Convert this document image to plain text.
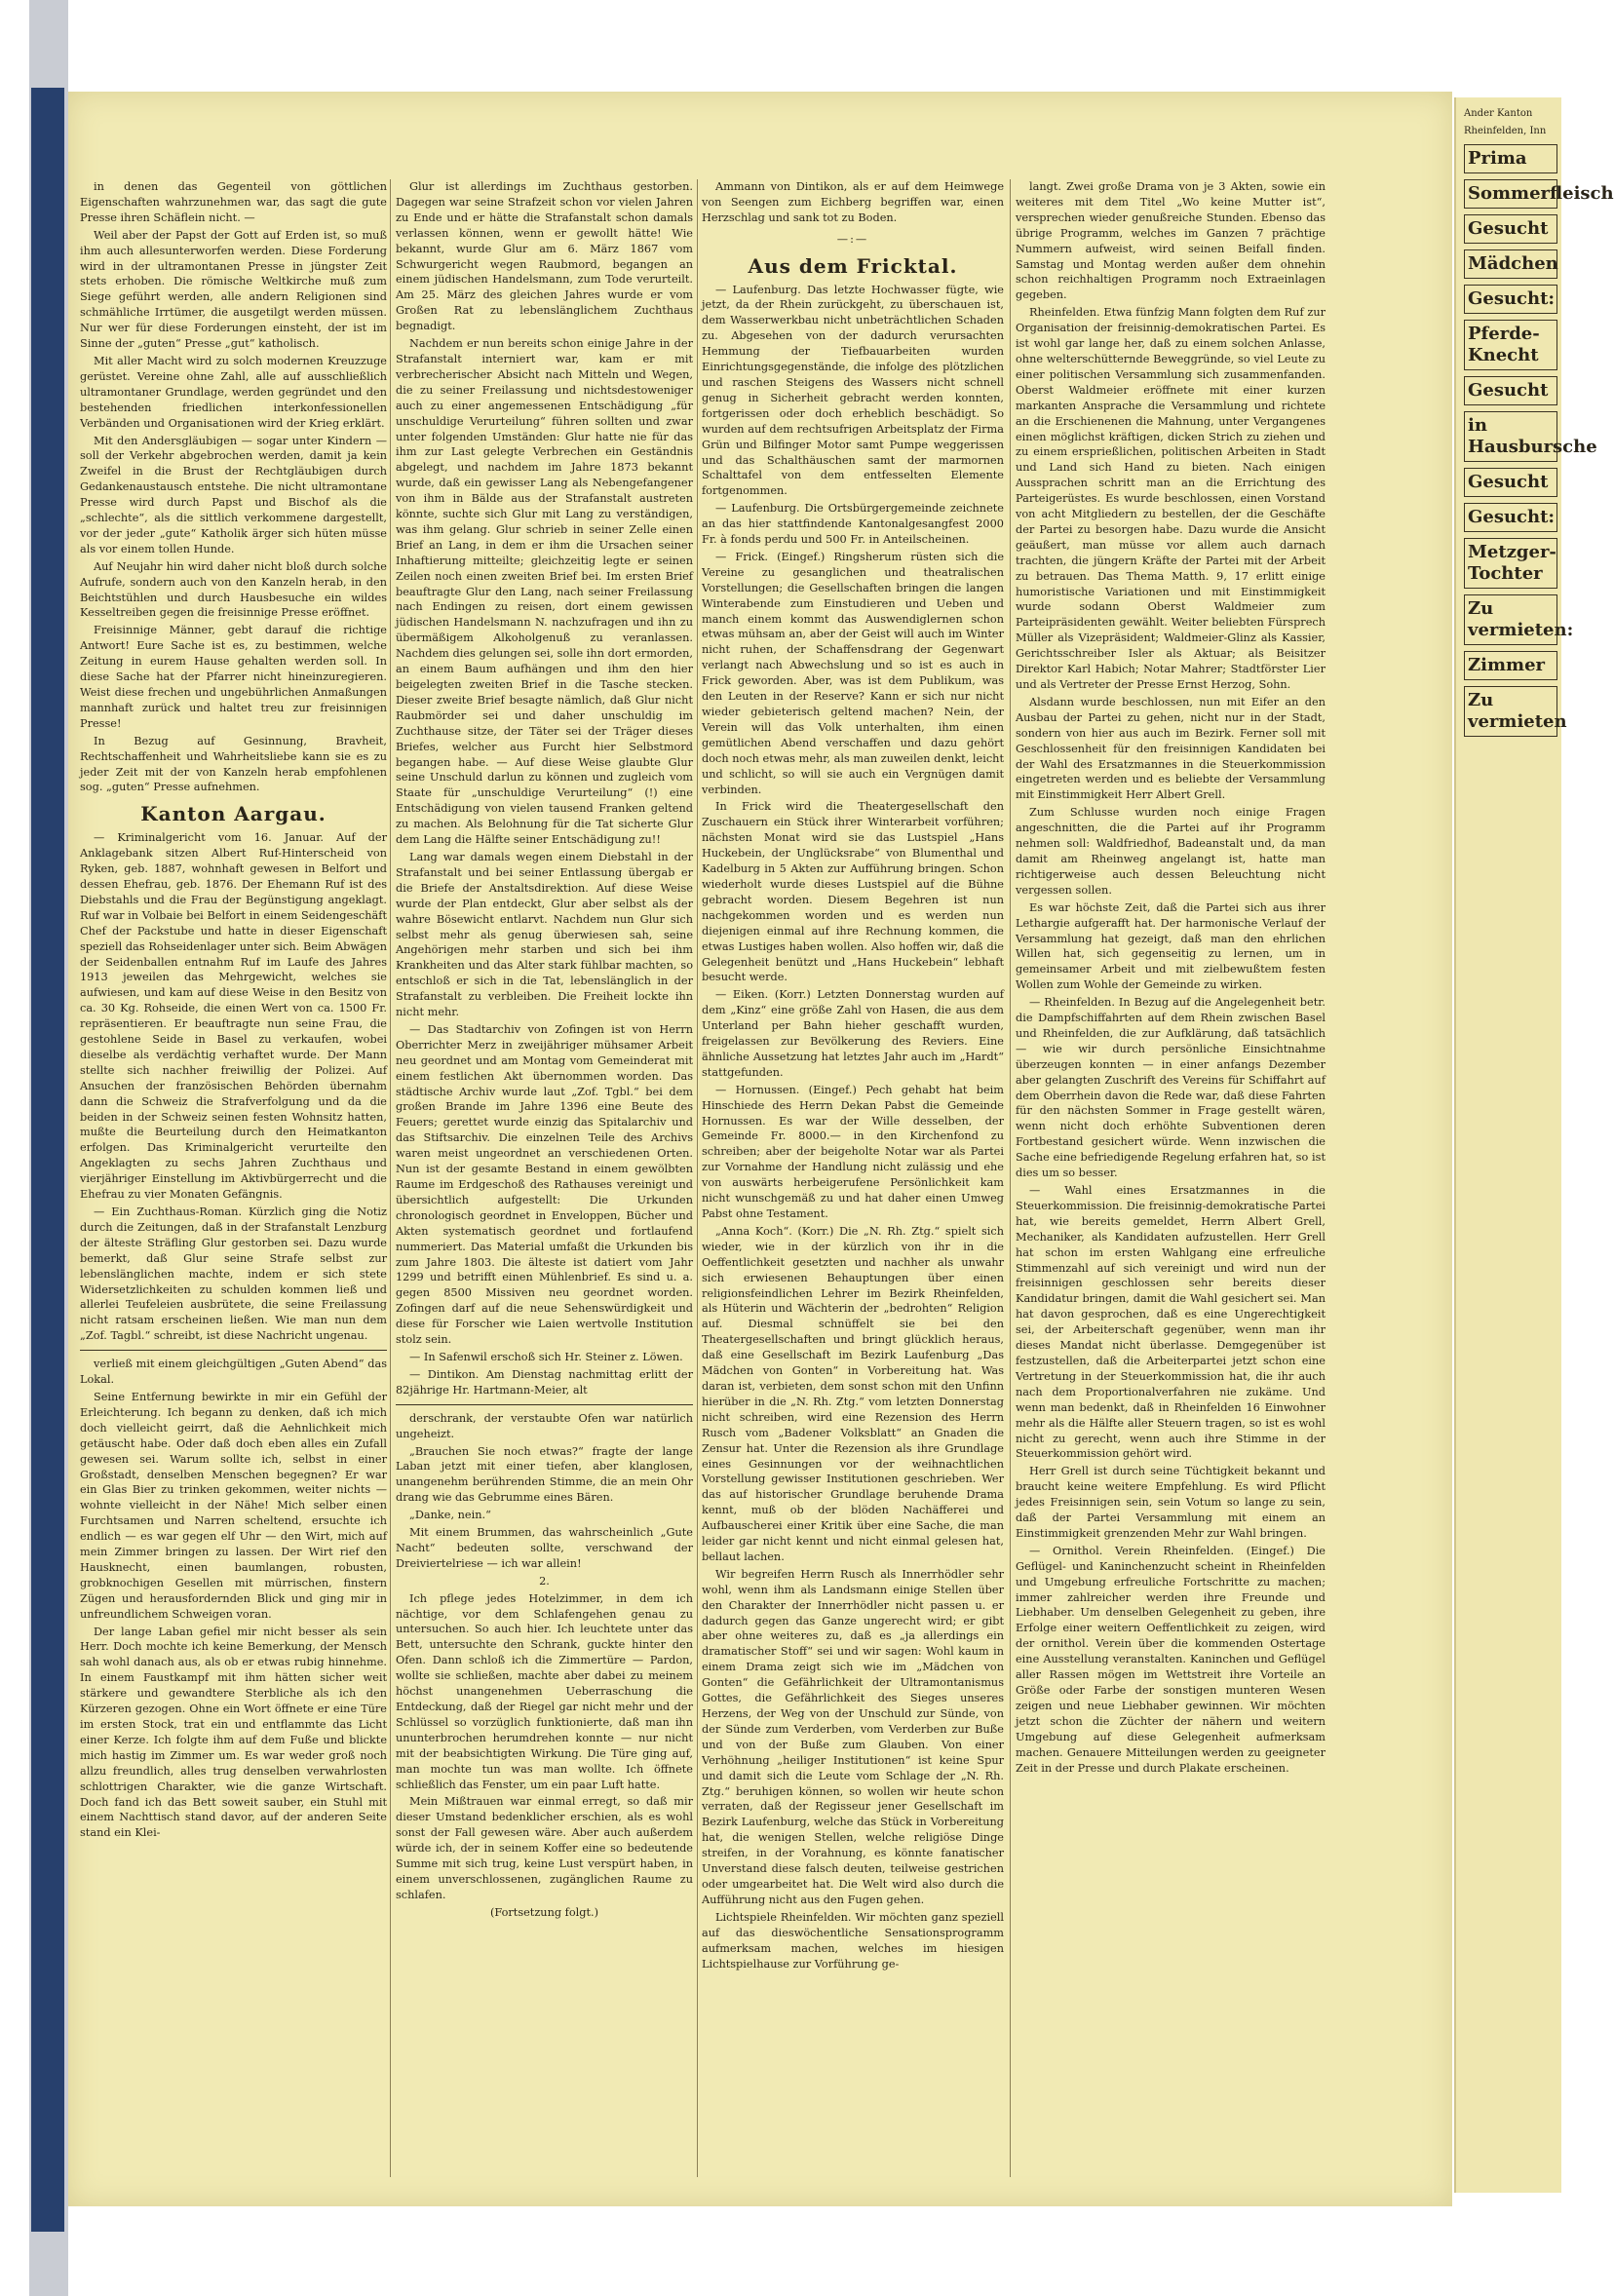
in denen das Gegenteil von göttlichen Eigenschaften wahrzunehmen war, das sagt die gute Presse ihren Schäflein nicht. —

Weil aber der Papst der Gott auf Erden ist, so muß ihm auch allesunterworfen werden. Diese Forderung wird in der ultramontanen Presse in jüngster Zeit stets erhoben. Die römische Weltkirche muß zum Siege geführt werden, alle andern Religionen sind schmähliche Irrtümer, die ausgetilgt werden müssen. Nur wer für diese Forderungen einsteht, der ist im Sinne der „guten“ Presse „gut“ katholisch.

Mit aller Macht wird zu solch modernen Kreuzzuge gerüstet. Vereine ohne Zahl, alle auf ausschließlich ultramontaner Grundlage, werden gegründet und den bestehenden friedlichen interkonfessionellen Verbänden und Organisationen wird der Krieg erklärt.

Mit den Andersgläubigen — sogar unter Kindern — soll der Verkehr abgebrochen werden, damit ja kein Zweifel in die Brust der Rechtgläubigen durch Gedankenaustausch entstehe. Die nicht ultramontane Presse wird durch Papst und Bischof als die „schlechte“, als die sittlich verkommene dargestellt, vor der jeder „gute“ Katholik ärger sich hüten müsse als vor einem tollen Hunde.

Auf Neujahr hin wird daher nicht bloß durch solche Aufrufe, sondern auch von den Kanzeln herab, in den Beichtstühlen und durch Hausbesuche ein wildes Kesseltreiben gegen die freisinnige Presse eröffnet.

Freisinnige Männer, gebt darauf die richtige Antwort! Eure Sache ist es, zu bestimmen, welche Zeitung in eurem Hause gehalten werden soll. In diese Sache hat der Pfarrer nicht hineinzuregieren. Weist diese frechen und ungebührlichen Anmaßungen mannhaft zurück und haltet treu zur freisinnigen Presse!

In Bezug auf Gesinnung, Bravheit, Rechtschaffenheit und Wahrheitsliebe kann sie es zu jeder Zeit mit der von Kanzeln herab empfohlenen sog. „guten“ Presse aufnehmen.

Kanton Aargau.

— Kriminalgericht vom 16. Januar. Auf der Anklagebank sitzen Albert Ruf-Hinterscheid von Ryken, geb. 1887, wohnhaft gewesen in Belfort und dessen Ehefrau, geb. 1876. Der Ehemann Ruf ist des Diebstahls und die Frau der Begünstigung angeklagt. Ruf war in Volbaie bei Belfort in einem Seidengeschäft Chef der Packstube und hatte in dieser Eigenschaft speziell das Rohseidenlager unter sich. Beim Abwägen der Seidenballen entnahm Ruf im Laufe des Jahres 1913 jeweilen das Mehrgewicht, welches sie aufwiesen, und kam auf diese Weise in den Besitz von ca. 30 Kg. Rohseide, die einen Wert von ca. 1500 Fr. repräsentieren. Er beauftragte nun seine Frau, die gestohlene Seide in Basel zu verkaufen, wobei dieselbe als verdächtig verhaftet wurde. Der Mann stellte sich nachher freiwillig der Polizei. Auf Ansuchen der französischen Behörden übernahm dann die Schweiz die Strafverfolgung und da die beiden in der Schweiz seinen festen Wohnsitz hatten, mußte die Beurteilung durch den Heimatkanton erfolgen. Das Kriminalgericht verurteilte den Angeklagten zu sechs Jahren Zuchthaus und vierjähriger Einstellung im Aktivbürgerrecht und die Ehefrau zu vier Monaten Gefängnis.

— Ein Zuchthaus-Roman. Kürzlich ging die Notiz durch die Zeitungen, daß in der Strafanstalt Lenzburg der älteste Sträfling Glur gestorben sei. Dazu wurde bemerkt, daß Glur seine Strafe selbst zur lebenslänglichen machte, indem er sich stete Widersetzlichkeiten zu schulden kommen ließ und allerlei Teufeleien ausbrütete, die seine Freilassung nicht ratsam erscheinen ließen. Wie man nun dem „Zof. Tagbl.“ schreibt, ist diese Nachricht ungenau.

verließ mit einem gleichgültigen „Guten Abend“ das Lokal.

Seine Entfernung bewirkte in mir ein Gefühl der Erleichterung. Ich begann zu denken, daß ich mich doch vielleicht geirrt, daß die Aehnlichkeit mich getäuscht habe. Oder daß doch eben alles ein Zufall gewesen sei. Warum sollte ich, selbst in einer Großstadt, denselben Menschen begegnen? Er war ein Glas Bier zu trinken gekommen, weiter nichts — wohnte vielleicht in der Nähe! Mich selber einen Furchtsamen und Narren scheltend, ersuchte ich endlich — es war gegen elf Uhr — den Wirt, mich auf mein Zimmer bringen zu lassen. Der Wirt rief den Hausknecht, einen baumlangen, robusten, grobknochigen Gesellen mit mürrischen, finstern Zügen und herausfordernden Blick und ging mir in unfreundlichem Schweigen voran.

Der lange Laban gefiel mir nicht besser als sein Herr. Doch mochte ich keine Bemerkung, der Mensch sah wohl danach aus, als ob er etwas rubig hinnehme. In einem Faustkampf mit ihm hätten sicher weit stärkere und gewandtere Sterbliche als ich den Kürzeren gezogen. Ohne ein Wort öffnete er eine Türe im ersten Stock, trat ein und entflammte das Licht einer Kerze. Ich folgte ihm auf dem Fuße und blickte mich hastig im Zimmer um. Es war weder groß noch allzu freundlich, alles trug denselben verwahrlosten schlottrigen Charakter, wie die ganze Wirtschaft. Doch fand ich das Bett soweit sauber, ein Stuhl mit einem Nachttisch stand davor, auf der anderen Seite stand ein Klei-

Glur ist allerdings im Zuchthaus gestorben. Dagegen war seine Strafzeit schon vor vielen Jahren zu Ende und er hätte die Strafanstalt schon damals verlassen können, wenn er gewollt hätte! Wie bekannt, wurde Glur am 6. März 1867 vom Schwurgericht wegen Raubmord, begangen an einem jüdischen Handelsmann, zum Tode verurteilt. Am 25. März des gleichen Jahres wurde er vom Großen Rat zu lebenslänglichem Zuchthaus begnadigt.

Nachdem er nun bereits schon einige Jahre in der Strafanstalt interniert war, kam er mit verbrecherischer Absicht nach Mitteln und Wegen, die zu seiner Freilassung und nichtsdestoweniger auch zu einer angemessenen Entschädigung „für unschuldige Verurteilung“ führen sollten und zwar unter folgenden Umständen: Glur hatte nie für das ihm zur Last gelegte Verbrechen ein Geständnis abgelegt, und nachdem im Jahre 1873 bekannt wurde, daß ein gewisser Lang als Nebengefangener von ihm in Bälde aus der Strafanstalt austreten könnte, suchte sich Glur mit Lang zu verständigen, was ihm gelang. Glur schrieb in seiner Zelle einen Brief an Lang, in dem er ihm die Ursachen seiner Inhaftierung mitteilte; gleichzeitig legte er seinen Zeilen noch einen zweiten Brief bei. Im ersten Brief beauftragte Glur den Lang, nach seiner Freilassung nach Endingen zu reisen, dort einem gewissen jüdischen Handelsmann N. nachzufragen und ihn zu übermäßigem Alkoholgenuß zu veranlassen. Nachdem dies gelungen sei, solle ihn dort ermorden, an einem Baum aufhängen und ihm den hier beigelegten zweiten Brief in die Tasche stecken. Dieser zweite Brief besagte nämlich, daß Glur nicht Raubmörder sei und daher unschuldig im Zuchthause sitze, der Täter sei der Träger dieses Briefes, welcher aus Furcht hier Selbstmord begangen habe. — Auf diese Weise glaubte Glur seine Unschuld darlun zu können und zugleich vom Staate für „unschuldige Verurteilung“ (!) eine Entschädigung von vielen tausend Franken geltend zu machen. Als Belohnung für die Tat sicherte Glur dem Lang die Hälfte seiner Entschädigung zu!!

Lang war damals wegen einem Diebstahl in der Strafanstalt und bei seiner Entlassung übergab er die Briefe der Anstaltsdirektion. Auf diese Weise wurde der Plan entdeckt, Glur aber selbst als der wahre Bösewicht entlarvt. Nachdem nun Glur sich selbst mehr als genug überwiesen sah, seine Angehörigen mehr starben und sich bei ihm Krankheiten und das Alter stark fühlbar machten, so entschloß er sich in die Tat, lebenslänglich in der Strafanstalt zu verbleiben. Die Freiheit lockte ihn nicht mehr.

— Das Stadtarchiv von Zofingen ist von Herrn Oberrichter Merz in zweijähriger mühsamer Arbeit neu geordnet und am Montag vom Gemeinderat mit einem festlichen Akt übernommen worden. Das städtische Archiv wurde laut „Zof. Tgbl.“ bei dem großen Brande im Jahre 1396 eine Beute des Feuers; gerettet wurde einzig das Spitalarchiv und das Stiftsarchiv. Die einzelnen Teile des Archivs waren meist ungeordnet an verschiedenen Orten. Nun ist der gesamte Bestand in einem gewölbten Raume im Erdgeschoß des Rathauses vereinigt und übersichtlich aufgestellt: Die Urkunden chronologisch geordnet in Enveloppen, Bücher und Akten systematisch geordnet und fortlaufend nummeriert. Das Material umfaßt die Urkunden bis zum Jahre 1803. Die älteste ist datiert vom Jahr 1299 und betrifft einen Mühlenbrief. Es sind u. a. gegen 8500 Missiven neu geordnet worden. Zofingen darf auf die neue Sehenswürdigkeit und diese für Forscher wie Laien wertvolle Institution stolz sein.

— In Safenwil erschoß sich Hr. Steiner z. Löwen.

— Dintikon. Am Dienstag nachmittag erlitt der 82jährige Hr. Hartmann-Meier, alt

derschrank, der verstaubte Ofen war natürlich ungeheizt.

„Brauchen Sie noch etwas?“ fragte der lange Laban jetzt mit einer tiefen, aber klanglosen, unangenehm berührenden Stimme, die an mein Ohr drang wie das Gebrumme eines Bären.

„Danke, nein.“

Mit einem Brummen, das wahrscheinlich „Gute Nacht“ bedeuten sollte, verschwand der Dreiviertelriese — ich war allein!

2.

Ich pflege jedes Hotelzimmer, in dem ich nächtige, vor dem Schlafengehen genau zu untersuchen. So auch hier. Ich leuchtete unter das Bett, untersuchte den Schrank, guckte hinter den Ofen. Dann schloß ich die Zimmertüre — Pardon, wollte sie schließen, machte aber dabei zu meinem höchst unangenehmen Ueberraschung die Entdeckung, daß der Riegel gar nicht mehr und der Schlüssel so vorzüglich funktionierte, daß man ihn ununterbrochen herumdrehen konnte — nur nicht mit der beabsichtigten Wirkung. Die Türe ging auf, man mochte tun was man wollte. Ich öffnete schließlich das Fenster, um ein paar Luft hatte.

Mein Mißtrauen war einmal erregt, so daß mir dieser Umstand bedenklicher erschien, als es wohl sonst der Fall gewesen wäre. Aber auch außerdem würde ich, der in seinem Koffer eine so bedeutende Summe mit sich trug, keine Lust verspürt haben, in einem unverschlossenen, zugänglichen Raume zu schlafen.

(Fortsetzung folgt.)

Ammann von Dintikon, als er auf dem Heimwege von Seengen zum Eichberg begriffen war, einen Herzschlag und sank tot zu Boden.

—:—
Aus dem Fricktal.

— Laufenburg. Das letzte Hochwasser fügte, wie jetzt, da der Rhein zurückgeht, zu überschauen ist, dem Wasserwerkbau nicht unbeträchtlichen Schaden zu. Abgesehen von der dadurch verursachten Hemmung der Tiefbauarbeiten wurden Einrichtungsgegenstände, die infolge des plötzlichen und raschen Steigens des Wassers nicht schnell genug in Sicherheit gebracht werden konnten, fortgerissen oder doch erheblich beschädigt. So wurden auf dem rechtsufrigen Arbeitsplatz der Firma Grün und Bilfinger Motor samt Pumpe weggerissen und das Schalthäuschen samt der marmornen Schalttafel von dem entfesselten Elemente fortgenommen.

— Laufenburg. Die Ortsbürgergemeinde zeichnete an das hier stattfindende Kantonalgesangfest 2000 Fr. à fonds perdu und 500 Fr. in Anteilscheinen.

— Frick. (Eingef.) Ringsherum rüsten sich die Vereine zu gesanglichen und theatralischen Vorstellungen; die Gesellschaften bringen die langen Winterabende zum Einstudieren und Ueben und manch einem kommt das Auswendiglernen schon etwas mühsam an, aber der Geist will auch im Winter nicht ruhen, der Schaffensdrang der Gegenwart verlangt nach Abwechslung und so ist es auch in Frick geworden. Aber, was ist dem Publikum, was den Leuten in der Reserve? Kann er sich nur nicht wieder gebieterisch geltend machen? Nein, der Verein will das Volk unterhalten, ihm einen gemütlichen Abend verschaffen und dazu gehört doch noch etwas mehr, als man zuweilen denkt, leicht und schlicht, so will sie auch ein Vergnügen damit verbinden.

In Frick wird die Theatergesellschaft den Zuschauern ein Stück ihrer Winterarbeit vorführen; nächsten Monat wird sie das Lustspiel „Hans Huckebein, der Unglücksrabe“ von Blumenthal und Kadelburg in 5 Akten zur Aufführung bringen. Schon wiederholt wurde dieses Lustspiel auf die Bühne gebracht worden. Diesem Begehren ist nun nachgekommen worden und es werden nun diejenigen einmal auf ihre Rechnung kommen, die etwas Lustiges haben wollen. Also hoffen wir, daß die Gelegenheit benützt und „Hans Huckebein“ lebhaft besucht werde.

— Eiken. (Korr.) Letzten Donnerstag wurden auf dem „Kinz“ eine größe Zahl von Hasen, die aus dem Unterland per Bahn hieher geschafft wurden, freigelassen zur Bevölkerung des Reviers. Eine ähnliche Aussetzung hat letztes Jahr auch im „Hardt“ stattgefunden.

— Hornussen. (Eingef.) Pech gehabt hat beim Hinschiede des Herrn Dekan Pabst die Gemeinde Hornussen. Es war der Wille desselben, der Gemeinde Fr. 8000.— in den Kirchenfond zu schreiben; aber der beigeholte Notar war als Partei zur Vornahme der Handlung nicht zulässig und ehe von auswärts herbeigerufene Persönlichkeit kam nicht wunschgemäß zu und hat daher einen Umweg Pabst ohne Testament.

„Anna Koch“. (Korr.) Die „N. Rh. Ztg.“ spielt sich wieder, wie in der kürzlich von ihr in die Oeffentlichkeit gesetzten und nachher als unwahr sich erwiesenen Behauptungen über einen religionsfeindlichen Lehrer im Bezirk Rheinfelden, als Hüterin und Wächterin der „bedrohten“ Religion auf. Diesmal schnüffelt sie bei den Theatergesellschaften und bringt glücklich heraus, daß eine Gesellschaft im Bezirk Laufenburg „Das Mädchen von Gonten“ in Vorbereitung hat. Was daran ist, verbieten, dem sonst schon mit den Unfinn hierüber in die „N. Rh. Ztg.“ vom letzten Donnerstag nicht schreiben, wird eine Rezension des Herrn Rusch vom „Badener Volksblatt“ an Gnaden die Zensur hat. Unter die Rezension als ihre Grundlage eines Gesinnungen vor der weihnachtlichen Vorstellung gewisser Institutionen geschrieben. Wer das auf historischer Grundlage beruhende Drama kennt, muß ob der blöden Nachäfferei und Aufbauscherei einer Kritik über eine Sache, die man leider gar nicht kennt und nicht einmal gelesen hat, bellaut lachen.

Wir begreifen Herrn Rusch als Innerrhödler sehr wohl, wenn ihm als Landsmann einige Stellen über den Charakter der Innerrhödler nicht passen u. er dadurch gegen das Ganze ungerecht wird; er gibt aber ohne weiteres zu, daß es „ja allerdings ein dramatischer Stoff“ sei und wir sagen: Wohl kaum in einem Drama zeigt sich wie im „Mädchen von Gonten“ die Gefährlichkeit der Ultramontanismus Gottes, die Gefährlichkeit des Sieges unseres Herzens, der Weg von der Unschuld zur Sünde, von der Sünde zum Verderben, vom Verderben zur Buße und von der Buße zum Glauben. Von einer Verhöhnung „heiliger Institutionen“ ist keine Spur und damit sich die Leute vom Schlage der „N. Rh. Ztg.“ beruhigen können, so wollen wir heute schon verraten, daß der Regisseur jener Gesellschaft im Bezirk Laufenburg, welche das Stück in Vorbereitung hat, die wenigen Stellen, welche religiöse Dinge streifen, in der Vorahnung, es könnte fanatischer Unverstand diese falsch deuten, teilweise gestrichen oder umgearbeitet hat. Die Welt wird also durch die Aufführung nicht aus den Fugen gehen.

Lichtspiele Rheinfelden. Wir möchten ganz speziell auf das dieswöchentliche Sensationsprogramm aufmerksam machen, welches im hiesigen Lichtspielhause zur Vorführung ge-

langt. Zwei große Drama von je 3 Akten, sowie ein weiteres mit dem Titel „Wo keine Mutter ist“, versprechen wieder genußreiche Stunden. Ebenso das übrige Programm, welches im Ganzen 7 prächtige Nummern aufweist, wird seinen Beifall finden. Samstag und Montag werden außer dem ohnehin schon reichhaltigen Programm noch Extraeinlagen gegeben.

Rheinfelden. Etwa fünfzig Mann folgten dem Ruf zur Organisation der freisinnig-demokratischen Partei. Es ist wohl gar lange her, daß zu einem solchen Anlasse, ohne welterschütternde Beweggründe, so viel Leute zu einer politischen Versammlung sich zusammenfanden. Oberst Waldmeier eröffnete mit einer kurzen markanten Ansprache die Versammlung und richtete an die Erschienenen die Mahnung, unter Vergangenes einen möglichst kräftigen, dicken Strich zu ziehen und zu einem ersprießlichen, politischen Arbeiten in Stadt und Land sich Hand zu bieten. Nach einigen Aussprachen schritt man an die Errichtung des Parteigerüstes. Es wurde beschlossen, einen Vorstand von acht Mitgliedern zu bestellen, der die Geschäfte der Partei zu besorgen habe. Dazu wurde die Ansicht geäußert, man müsse vor allem auch darnach trachten, die jüngern Kräfte der Partei mit der Arbeit zu betrauen. Das Thema Matth. 9, 17 erlitt einige humoristische Variationen und mit Einstimmigkeit wurde sodann Oberst Waldmeier zum Parteipräsidenten gewählt. Weiter beliebten Fürsprech Müller als Vizepräsident; Waldmeier-Glinz als Kassier, Gerichtsschreiber Isler als Aktuar; als Beisitzer Direktor Karl Habich; Notar Mahrer; Stadtförster Lier und als Vertreter der Presse Ernst Herzog, Sohn.

Alsdann wurde beschlossen, nun mit Eifer an den Ausbau der Partei zu gehen, nicht nur in der Stadt, sondern von hier aus auch im Bezirk. Ferner soll mit Geschlossenheit für den freisinnigen Kandidaten bei der Wahl des Ersatzmannes in die Steuerkommission eingetreten werden und es beliebte der Versammlung mit Einstimmigkeit Herr Albert Grell.

Zum Schlusse wurden noch einige Fragen angeschnitten, die die Partei auf ihr Programm nehmen soll: Waldfriedhof, Badeanstalt und, da man damit am Rheinweg angelangt ist, hatte man richtigerweise auch dessen Beleuchtung nicht vergessen sollen.

Es war höchste Zeit, daß die Partei sich aus ihrer Lethargie aufgerafft hat. Der harmonische Verlauf der Versammlung hat gezeigt, daß man den ehrlichen Willen hat, sich gegenseitig zu lernen, um in gemeinsamer Arbeit und mit zielbewußtem festen Wollen zum Wohle der Gemeinde zu wirken.

— Rheinfelden. In Bezug auf die Angelegenheit betr. die Dampfschiffahrten auf dem Rhein zwischen Basel und Rheinfelden, die zur Aufklärung, daß tatsächlich — wie wir durch persönliche Einsichtnahme überzeugen konnten — in einer anfangs Dezember aber gelangten Zuschrift des Vereins für Schiffahrt auf dem Oberrhein davon die Rede war, daß diese Fahrten für den nächsten Sommer in Frage gestellt wären, wenn nicht doch erhöhte Subventionen deren Fortbestand gesichert würde. Wenn inzwischen die Sache eine befriedigende Regelung erfahren hat, so ist dies um so besser.

— Wahl eines Ersatzmannes in die Steuerkommission. Die freisinnig-demokratische Partei hat, wie bereits gemeldet, Herrn Albert Grell, Mechaniker, als Kandidaten aufzustellen. Herr Grell hat schon im ersten Wahlgang eine erfreuliche Stimmenzahl auf sich vereinigt und wird nun der freisinnigen geschlossen sehr bereits dieser Kandidatur bringen, damit die Wahl gesichert sei. Man hat davon gesprochen, daß es eine Ungerechtigkeit sei, der Arbeiterschaft gegenüber, wenn man ihr dieses Mandat nicht überlasse. Demgegenüber ist festzustellen, daß die Arbeiterpartei jetzt schon eine Vertretung in der Steuerkommission hat, die ihr auch nach dem Proportionalverfahren nie zukäme. Und wenn man bedenkt, daß in Rheinfelden 16 Einwohner mehr als die Hälfte aller Steuern tragen, so ist es wohl nicht zu gerecht, wenn auch ihre Stimme in der Steuerkommission gehört wird.

Herr Grell ist durch seine Tüchtigkeit bekannt und braucht keine weitere Empfehlung. Es wird Pflicht jedes Freisinnigen sein, sein Votum so lange zu sein, daß der Partei Versammlung mit einem an Einstimmigkeit grenzenden Mehr zur Wahl bringen.

— Ornithol. Verein Rheinfelden. (Eingef.) Die Geflügel- und Kaninchenzucht scheint in Rheinfelden und Umgebung erfreuliche Fortschritte zu machen; immer zahlreicher werden ihre Freunde und Liebhaber. Um denselben Gelegenheit zu geben, ihre Erfolge einer weitern Oeffentlichkeit zu zeigen, wird der ornithol. Verein über die kommenden Ostertage eine Ausstellung veranstalten. Kaninchen und Geflügel aller Rassen mögen im Wettstreit ihre Vorteile an Größe oder Farbe der sonstigen munteren Wesen zeigen und neue Liebhaber gewinnen. Wir möchten jetzt schon die Züchter der nähern und weitern Umgebung auf diese Gelegenheit aufmerksam machen. Genauere Mitteilungen werden zu geeigneter Zeit in der Presse und durch Plakate erscheinen.

Ander Kanton
Rheinfelden, Inn
Prima
Sommerfleisch
Gesucht
Mädchen
Gesucht:
Pferde-Knecht
Gesucht
in Hausbursche
Gesucht
Gesucht:
Metzger-Tochter
Zu vermieten:
Zimmer
Zu vermieten
